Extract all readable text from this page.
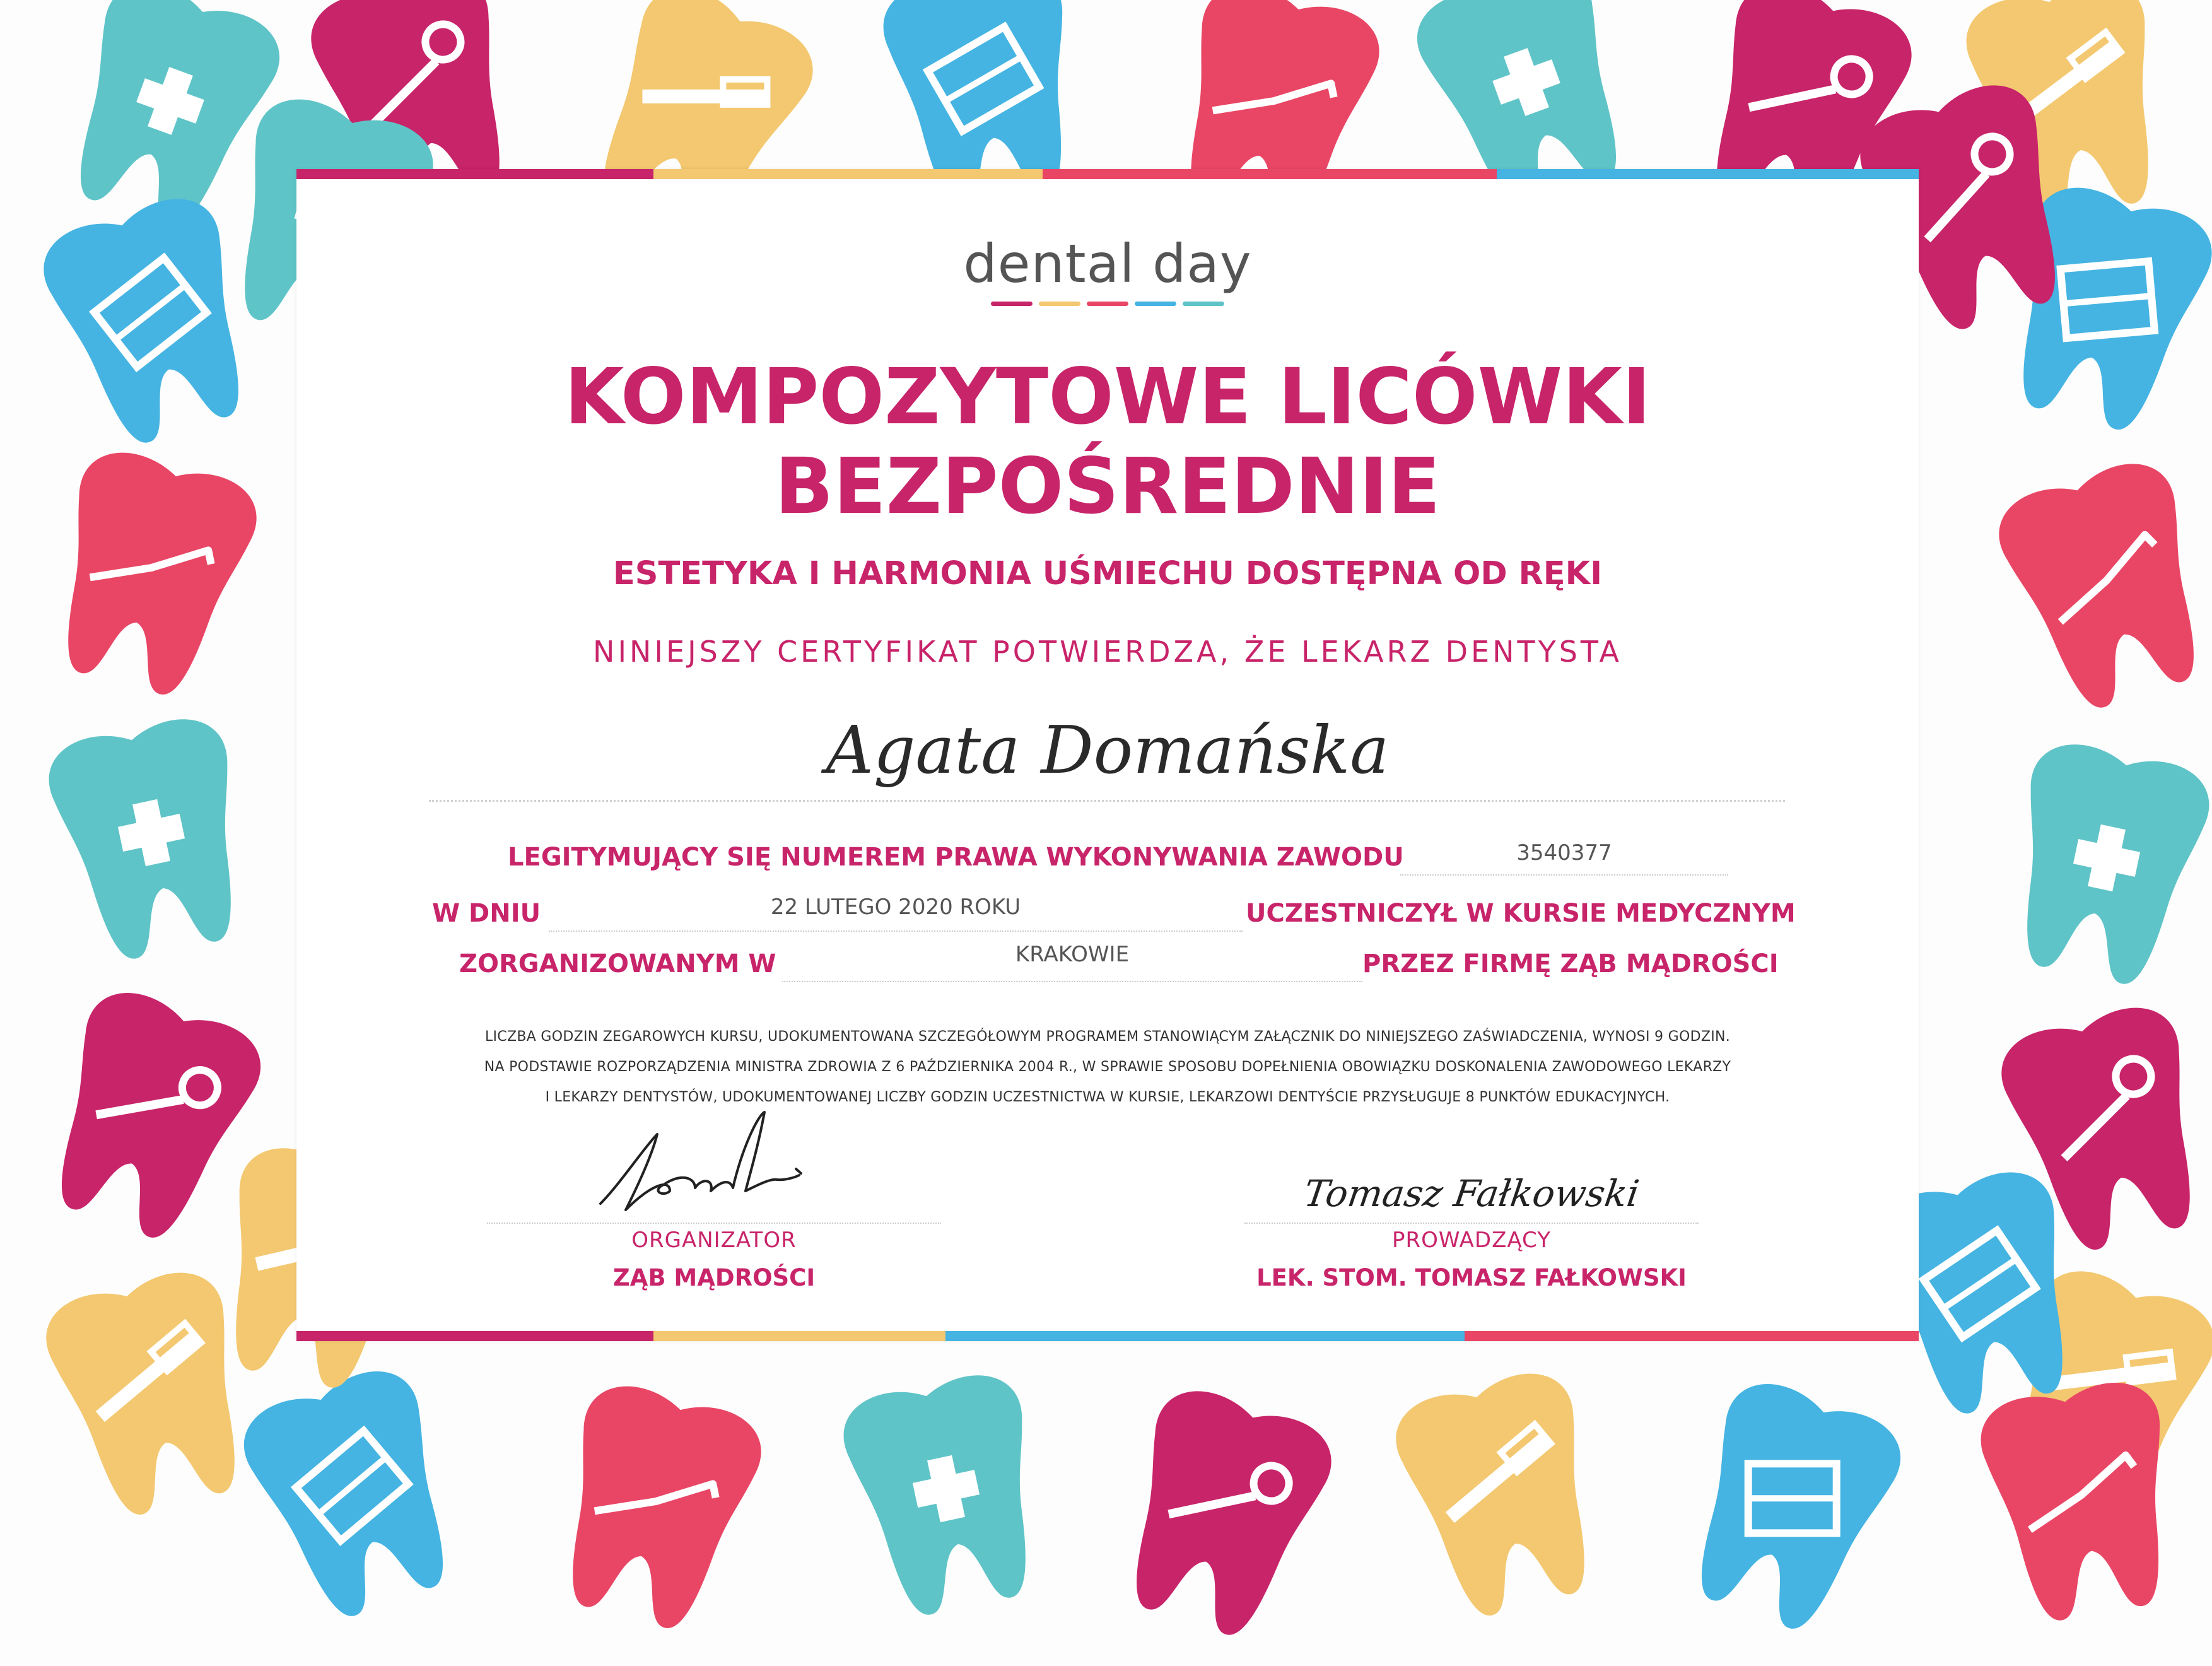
dental day
KOMPOZYTOWE LICÓWKI
BEZPOŚREDNIE
ESTETYKA I HARMONIA UŚMIECHU DOSTĘPNA OD RĘKI
NINIEJSZY CERTYFIKAT POTWIERDZA, ŻE LEKARZ DENTYSTA
Agata Domańska
LEGITYMUJĄCY SIĘ NUMEREM PRAWA WYKONYWANIA ZAWODU	3540377
W DNIU	22 LUTEGO 2020 ROKU	UCZESTNICZYŁ W KURSIE MEDYCZNYM
ZORGANIZOWANYM W	KRAKOWIE	PRZEZ FIRMĘ ZĄB MĄDROŚCI
LICZBA GODZIN ZEGAROWYCH KURSU, UDOKUMENTOWANA SZCZEGÓŁOWYM PROGRAMEM STANOWIĄCYM ZAŁĄCZNIK DO NINIEJSZEGO ZAŚWIADCZENIA, WYNOSI 9 GODZIN.
NA PODSTAWIE ROZPORZĄDZENIA MINISTRA ZDROWIA Z 6 PAŹDZIERNIKA 2004 R., W SPRAWIE SPOSOBU DOPEŁNIENIA OBOWIĄZKU DOSKONALENIA ZAWODOWEGO LEKARZY
I LEKARZY DENTYSTÓW, UDOKUMENTOWANEJ LICZBY GODZIN UCZESTNICTWA W KURSIE, LEKARZOWI DENTYŚCIE PRZYSŁUGUJE 8 PUNKTÓW EDUKACYJNYCH.
ORGANIZATOR
ZĄB MĄDROŚCI
Tomasz Fałkowski
PROWADZĄCY
LEK. STOM. TOMASZ FAŁKOWSKI
